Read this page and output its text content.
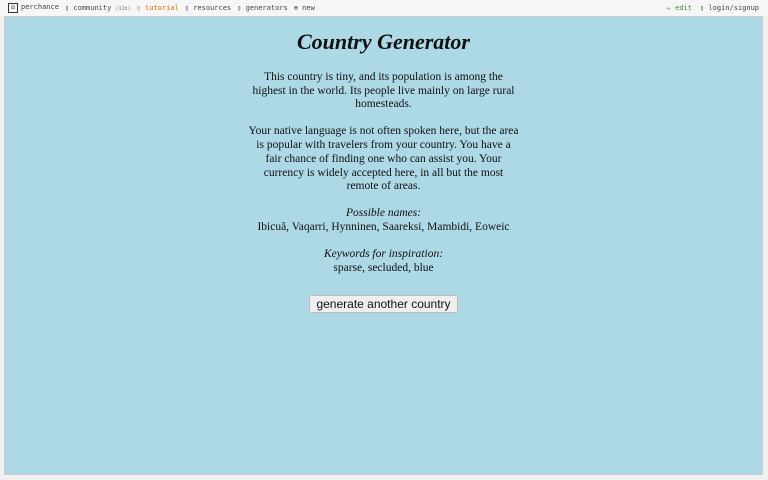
⚄ perchance ▯ community (11h) ▯ tutorial ▯ resources ▯ generators ⊕ new	✏ edit ▯ login/signup
Country Generator
This country is tiny, and its population is among the highest in the world. Its people live mainly on large rural homesteads.
Your native language is not often spoken here, but the area is popular with travelers from your country. You have a fair chance of finding one who can assist you. Your currency is widely accepted here, in all but the most remote of areas.
Possible names:
Ibicuă, Vaqarri, Hynninen, Saareksi, Mambidi, Eoweic
Keywords for inspiration:
sparse, secluded, blue
generate another country
